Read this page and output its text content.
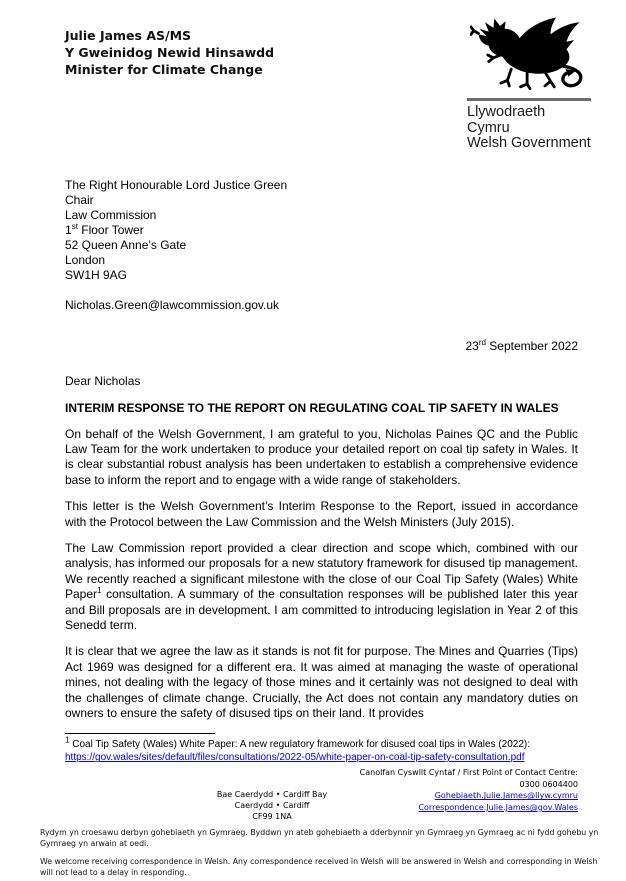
Julie James AS/MS
Y Gweinidog Newid Hinsawdd
Minister for Climate Change
Llywodraeth Cymru
Welsh Government
The Right Honourable Lord Justice Green
Chair
Law Commission
1st Floor Tower
52 Queen Anne’s Gate
London
SW1H 9AG
Nicholas.Green@lawcommission.gov.uk
23rd September 2022
Dear Nicholas
INTERIM RESPONSE TO THE REPORT ON REGULATING COAL TIP SAFETY IN WALES

On behalf of the Welsh Government, I am grateful to you, Nicholas Paines QC and the Public Law Team for the work undertaken to produce your detailed report on coal tip safety in Wales. It is clear substantial robust analysis has been undertaken to establish a comprehensive evidence base to inform the report and to engage with a wide range of stakeholders.

This letter is the Welsh Government’s Interim Response to the Report, issued in accordance with the Protocol between the Law Commission and the Welsh Ministers (July 2015).

The Law Commission report provided a clear direction and scope which, combined with our analysis, has informed our proposals for a new statutory framework for disused tip management. We recently reached a significant milestone with the close of our Coal Tip Safety (Wales) White Paper$^1$ consultation. A summary of the consultation responses will be published later this year and Bill proposals are in development. I am committed to introducing legislation in Year 2 of this Senedd term.

It is clear that we agree the law as it stands is not fit for purpose. The Mines and Quarries (Tips) Act 1969 was designed for a different era. It was aimed at managing the waste of operational mines, not dealing with the legacy of those mines and it certainly was not designed to deal with the challenges of climate change. Crucially, the Act does not contain any mandatory duties on owners to ensure the safety of disused tips on their land. It provides

$^1$ Coal Tip Safety (Wales) White Paper: A new regulatory framework for disused coal tips in Wales (2022):
https://gov.wales/sites/default/files/consultations/2022-05/white-paper-on-coal-tip-safety-consultation.pdf
Canolfan Cyswllt Cyntaf / First Point of Contact Centre:
0300 0604400
Gohebiaeth.Julie.James@llyw.cymru
Correspondence.Julie.James@gov.Wales
Bae Caerdydd • Cardiff Bay
Caerdydd • Cardiff
CF99 1NA

Rydym yn croesawu derbyn gohebiaeth yn Gymraeg. Byddwn yn ateb gohebiaeth a dderbynnir yn Gymraeg yn Gymraeg ac ni fydd gohebu yn Gymraeg yn arwain at oedi.

We welcome receiving correspondence in Welsh. Any correspondence received in Welsh will be answered in Welsh and corresponding in Welsh will not lead to a delay in responding.
